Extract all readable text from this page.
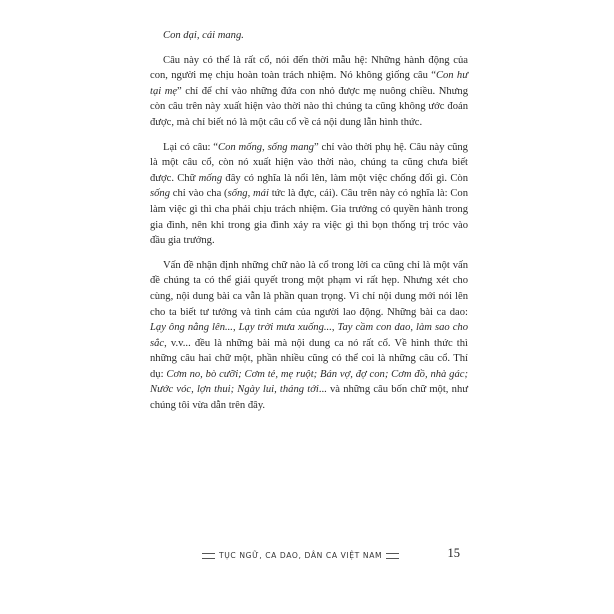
Con dại, cái mang.

Câu này có thể là rất cổ, nói đến thời mẫu hệ: Những hành động của con, người mẹ chịu hoàn toàn trách nhiệm. Nó không giống câu “Con hư tại mẹ” chỉ để chỉ vào những đứa con nhỏ được mẹ nuông chiều. Nhưng còn câu trên này xuất hiện vào thời nào thì chúng ta cũng không ước đoán được, mà chỉ biết nó là một câu cổ về cả nội dung lẫn hình thức.

Lại có câu: “Con mống, sống mang” chỉ vào thời phụ hệ. Câu này cũng là một câu cổ, còn nó xuất hiện vào thời nào, chúng ta cũng chưa biết được. Chữ mống đây có nghĩa là nổi lên, làm một việc chống đối gì. Còn sống chỉ vào cha (sống, mái tức là đực, cái). Câu trên này có nghĩa là: Con làm việc gì thì cha phải chịu trách nhiệm. Gia trưởng có quyền hành trong gia đình, nên khi trong gia đình xảy ra việc gì thì bọn thống trị tróc vào đầu gia trưởng.

Vấn đề nhận định những chữ nào là cổ trong lời ca cũng chỉ là một vấn đề chúng ta có thể giải quyết trong một phạm vi rất hẹp. Nhưng xét cho cùng, nội dung bài ca vẫn là phần quan trọng. Vì chỉ nội dung mới nói lên cho ta biết tư tưởng và tình cảm của người lao động. Những bài ca dao: Lạy ông nằng lên..., Lạy trời mưa xuống..., Tay cầm con dao, làm sao cho sắc, v.v... đều là những bài mà nội dung ca nó rất cổ. Về hình thức thì những câu hai chữ một, phần nhiều cũng có thể coi là những câu cổ. Thí dụ: Cơm no, bò cưỡi; Cơm tẻ, mẹ ruột; Bán vợ, đợ con; Cơm đồ, nhà gác; Nước vóc, lợn thui; Ngày lui, tháng tới... và những câu bốn chữ một, như chúng tôi vừa dẫn trên đây.

TỤC NGỮ, CA DAO, DÂN CA VIỆT NAM	15
